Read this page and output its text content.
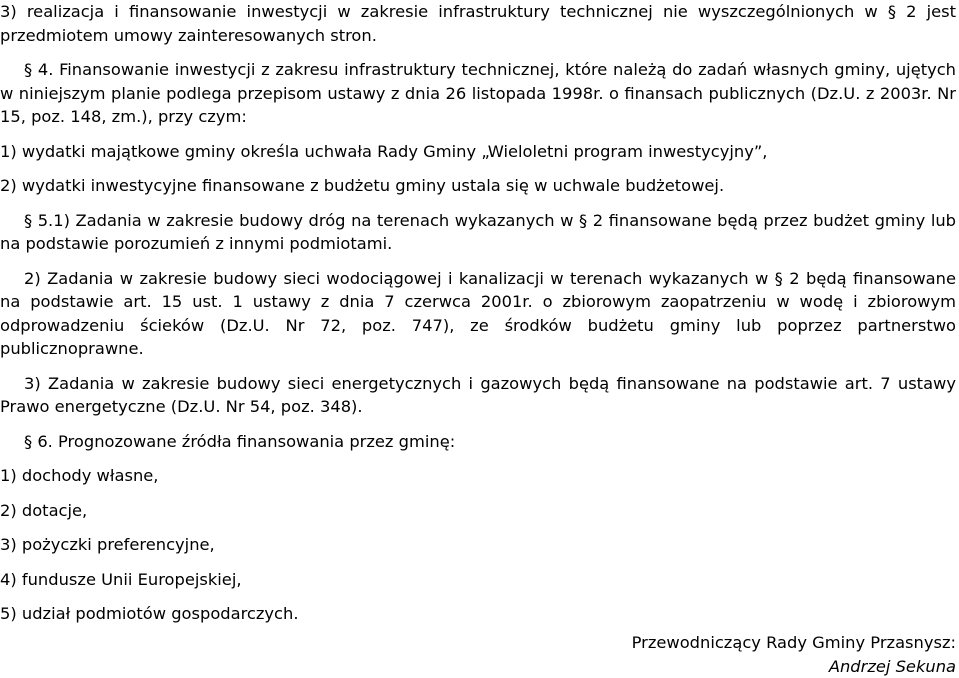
3) realizacja i finansowanie inwestycji w zakresie infrastruktury technicznej nie wyszczególnionych w § 2 jest przedmiotem umowy zainteresowanych stron.

§ 4. Finansowanie inwestycji z zakresu infrastruktury technicznej, które należą do zadań własnych gminy, ujętych w niniejszym planie podlega przepisom ustawy z dnia 26 listopada 1998r. o finansach publicznych (Dz.U. z 2003r. Nr 15, poz. 148, zm.), przy czym:

1) wydatki majątkowe gminy określa uchwała Rady Gminy „Wieloletni program inwestycyjny”,

2) wydatki inwestycyjne finansowane z budżetu gminy ustala się w uchwale budżetowej.

§ 5.1) Zadania w zakresie budowy dróg na terenach wykazanych w § 2 finansowane będą przez budżet gminy lub na podstawie porozumień z innymi podmiotami.

2) Zadania w zakresie budowy sieci wodociągowej i kanalizacji w terenach wykazanych w § 2 będą finansowane na podstawie art. 15 ust. 1 ustawy z dnia 7 czerwca 2001r. o zbiorowym zaopatrzeniu w wodę i zbiorowym odprowadzeniu ścieków (Dz.U. Nr 72, poz. 747), ze środków budżetu gminy lub poprzez partnerstwo publicznoprawne.

3) Zadania w zakresie budowy sieci energetycznych i gazowych będą finansowane na podstawie art. 7 ustawy Prawo energetyczne (Dz.U. Nr 54, poz. 348).

§ 6. Prognozowane źródła finansowania przez gminę:

1) dochody własne,

2) dotacje,

3) pożyczki preferencyjne,

4) fundusze Unii Europejskiej,

5) udział podmiotów gospodarczych.

Przewodniczący Rady Gminy Przasnysz:
Andrzej Sekuna
